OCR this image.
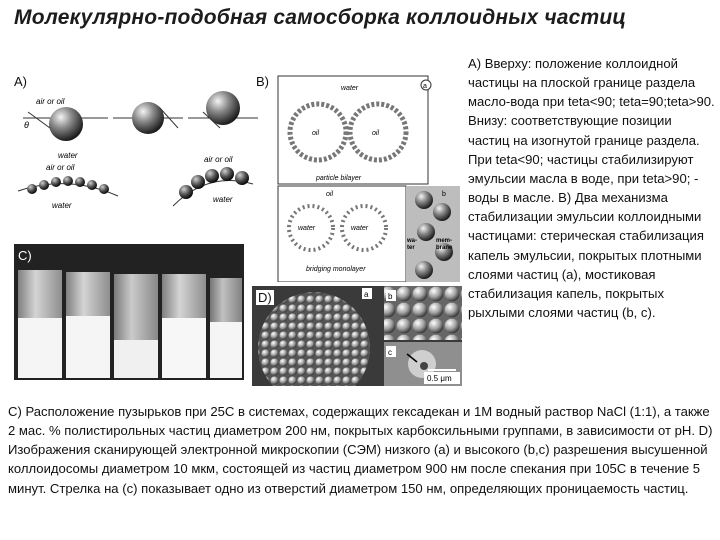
Молекулярно-подобная самосборка коллоидных частиц
A)
air or oil
water
θ
air or oil
water
air or oil
water
B)	water
oil	oil
particle bilayer
a
oil
water	water
bridging monolayer
b
wa-
ter
mem-
brane
C)
D)	a b
c
0.5 μm
А) Вверху: положение коллоидной частицы на плоской границе раздела масло-вода при teta<90; teta=90;teta>90. Внизу: соответствующие позиции частиц на изогнутой границе раздела. При teta<90; частицы стабилизируют эмульсии масла в воде, при teta>90; - воды в масле. B) Два механизма стабилизации эмульсии коллоидными частицами: стерическая стабилизация капель эмульсии, покрытых плотными слоями частиц (a), мостиковая стабилизация капель, покрытых рыхлыми слоями частиц (b, c).
C) Расположение пузырьков при 25С в системах, содержащих гексадекан и 1М водный раствор NaCl (1:1), а также 2 мас. % полистирольных частиц диаметром 200 нм, покрытых карбоксильными группами, в зависимости от pH. D) Изображения сканирующей электронной микроскопии (СЭМ) низкого (a) и высокого (b,c) разрешения высушенной коллоидосомы диаметром 10 мкм, состоящей из частиц диаметром 900 нм после спекания при 105С в течение 5 минут. Стрелка на (c) показывает одно из отверстий диаметром 150 нм, определяющих проницаемость частиц.
